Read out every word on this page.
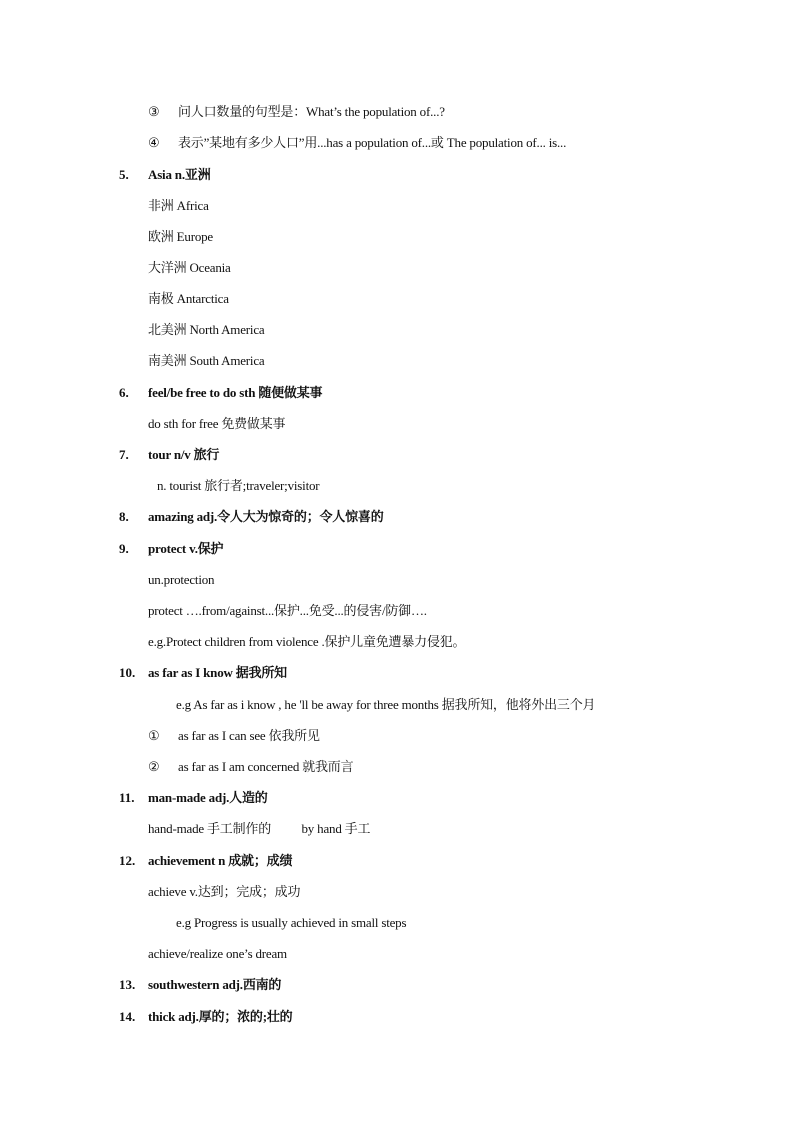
③ 问人口数量的句型是：What’s the population of...?
④ 表示”某地有多少人口”用...has a population of...或 The population of... is...
5. Asia n.亚洲
非洲 Africa
欧洲 Europe
大洋洲 Oceania
南极 Antarctica
北美洲 North America
南美洲 South America
6. feel/be free to do sth 随便做某事
do sth for free 免费做某事
7. tour n/v 旅行
n. tourist 旅行者;traveler;visitor
8. amazing adj.令人大为惊奇的；令人惊喜的
9. protect v.保护
un.protection
protect ….from/against...保护...免受...的侵害/防御….
e.g.Protect children from violence .保护儿童免遭暴力侵犯。
10. as far as I know 据我所知
e.g As far as i know , he 'll be away for three months 据我所知，他将外出三个月
① as far as I can see 依我所见
② as far as I am concerned 就我而言
11. man-made adj.人造的
hand-made 手工制作的          by hand 手工
12. achievement n 成就；成绩
achieve v.达到；完成；成功
e.g Progress is usually achieved in small steps
achieve/realize one’s dream
13. southwestern adj.西南的
14. thick adj.厚的；浓的;壮的
